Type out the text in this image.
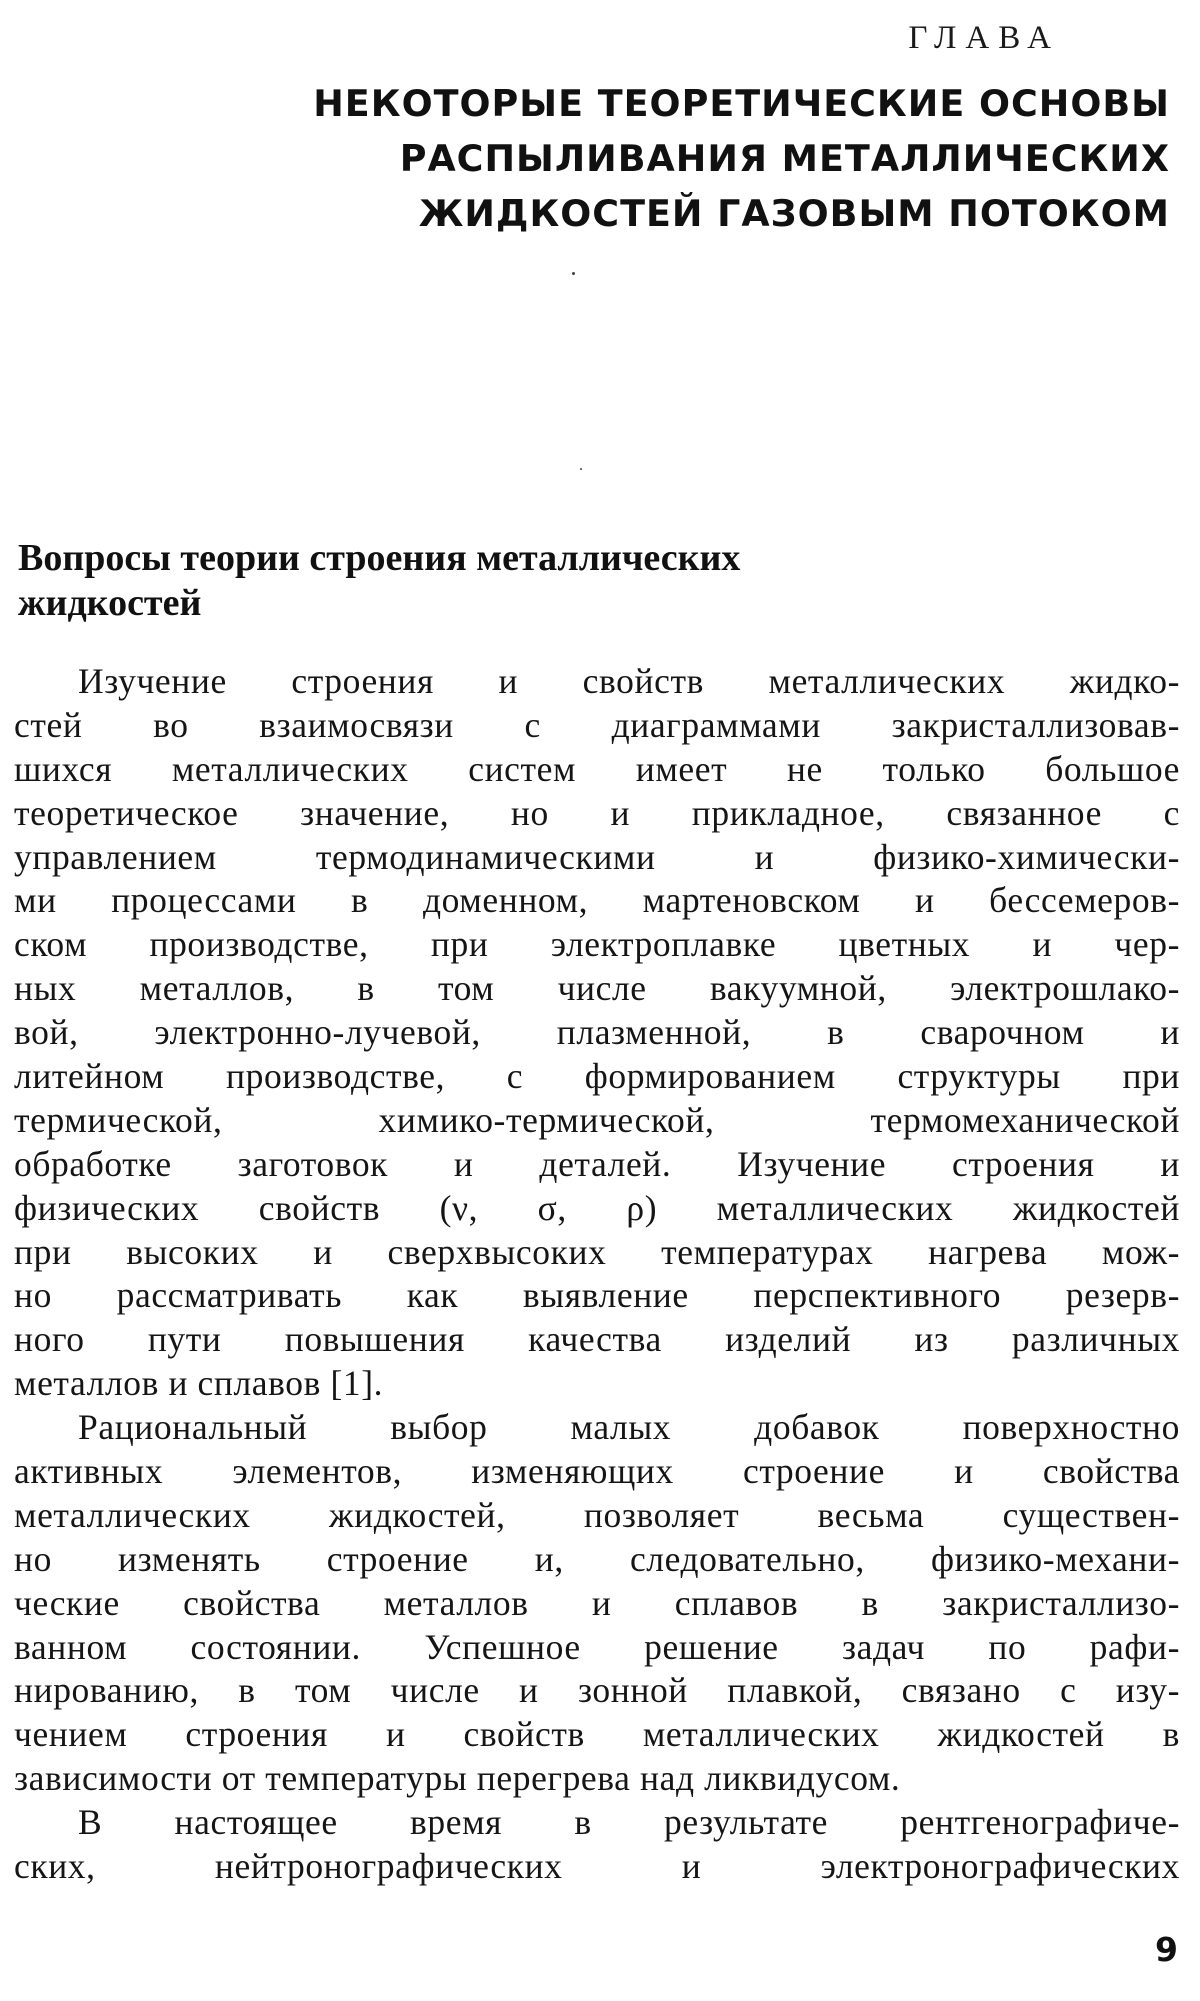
ГЛАВА
НЕКОТОРЫЕ ТЕОРЕТИЧЕСКИЕ ОСНОВЫ
РАСПЫЛИВАНИЯ МЕТАЛЛИЧЕСКИХ
ЖИДКОСТЕЙ ГАЗОВЫМ ПОТОКОМ
Вопросы теории строения металлических
жидкостей
Изучение строения и свойств металлических жидко-
стей во взаимосвязи с диаграммами закристаллизовав-
шихся металлических систем имеет не только большое
теоретическое значение, но и прикладное, связанное с
управлением термодинамическими и физико-химически-
ми процессами в доменном, мартеновском и бессемеров-
ском производстве, при электроплавке цветных и чер-
ных металлов, в том числе вакуумной, электрошлако-
вой, электронно-лучевой, плазменной, в сварочном и
литейном производстве, с формированием структуры при
термической, химико-термической, термомеханической
обработке заготовок и деталей. Изучение строения и
физических свойств (ν, σ, ρ) металлических жидкостей
при высоких и сверхвысоких температурах нагрева мож-
но рассматривать как выявление перспективного резерв-
ного пути повышения качества изделий из различных
металлов и сплавов [1].
Рациональный выбор малых добавок поверхностно
активных элементов, изменяющих строение и свойства
металлических жидкостей, позволяет весьма существен-
но изменять строение и, следовательно, физико-механи-
ческие свойства металлов и сплавов в закристаллизо-
ванном состоянии. Успешное решение задач по рафи-
нированию, в том числе и зонной плавкой, связано с изу-
чением строения и свойств металлических жидкостей в
зависимости от температуры перегрева над ликвидусом.
В настоящее время в результате рентгенографиче-
ских, нейтронографических и электронографических
9
